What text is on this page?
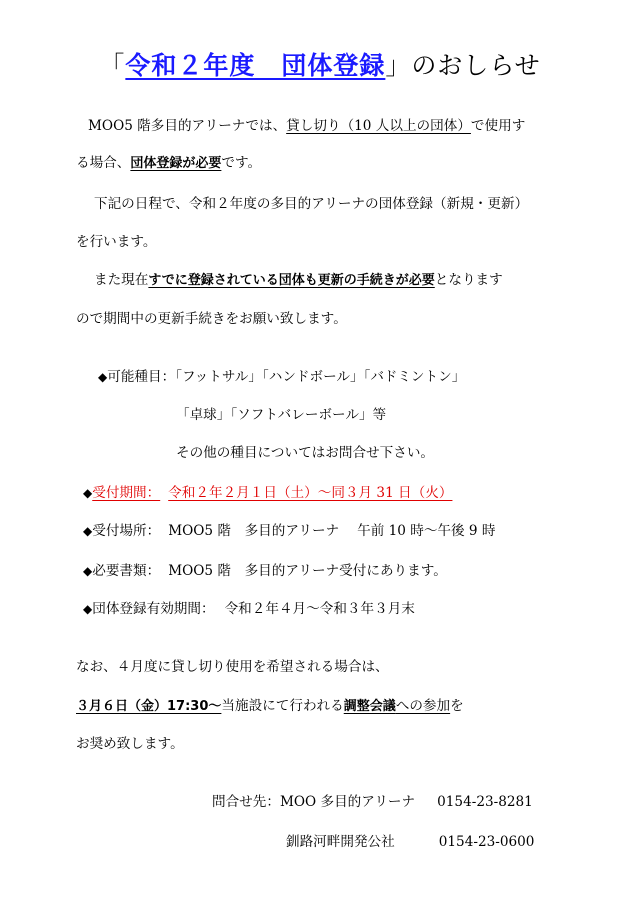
「令和２年度　団体登録」のおしらせ
MOO5 階多目的アリーナでは、貸し切り（10 人以上の団体）で使用す
る場合、団体登録が必要です。
下記の日程で、令和２年度の多目的アリーナの団体登録（新規・更新）
を行います。
また現在すでに登録されている団体も更新の手続きが必要となります
ので期間中の更新手続きをお願い致します。
◆可能種目：「フットサル」「ハンドボール」「バドミントン」
「卓球」「ソフトバレーボール」等
その他の種目についてはお問合せ下さい。
◆受付期間： 令和２年２月１日（土）～同３月 31 日（火）
◆受付場所： MOO5 階　多目的アリーナ　 午前 10 時～午後 9 時
◆必要書類： MOO5 階　多目的アリーナ受付にあります。
◆団体登録有効期間： 令和２年４月～令和３年３月末
なお、４月度に貸し切り使用を希望される場合は、
３月６日（金）17:30～当施設にて行われる調整会議への参加を
お奨め致します。
問合せ先：MOO 多目的アリーナ 0154-23-8281
釧路河畔開発公社	0154-23-0600
